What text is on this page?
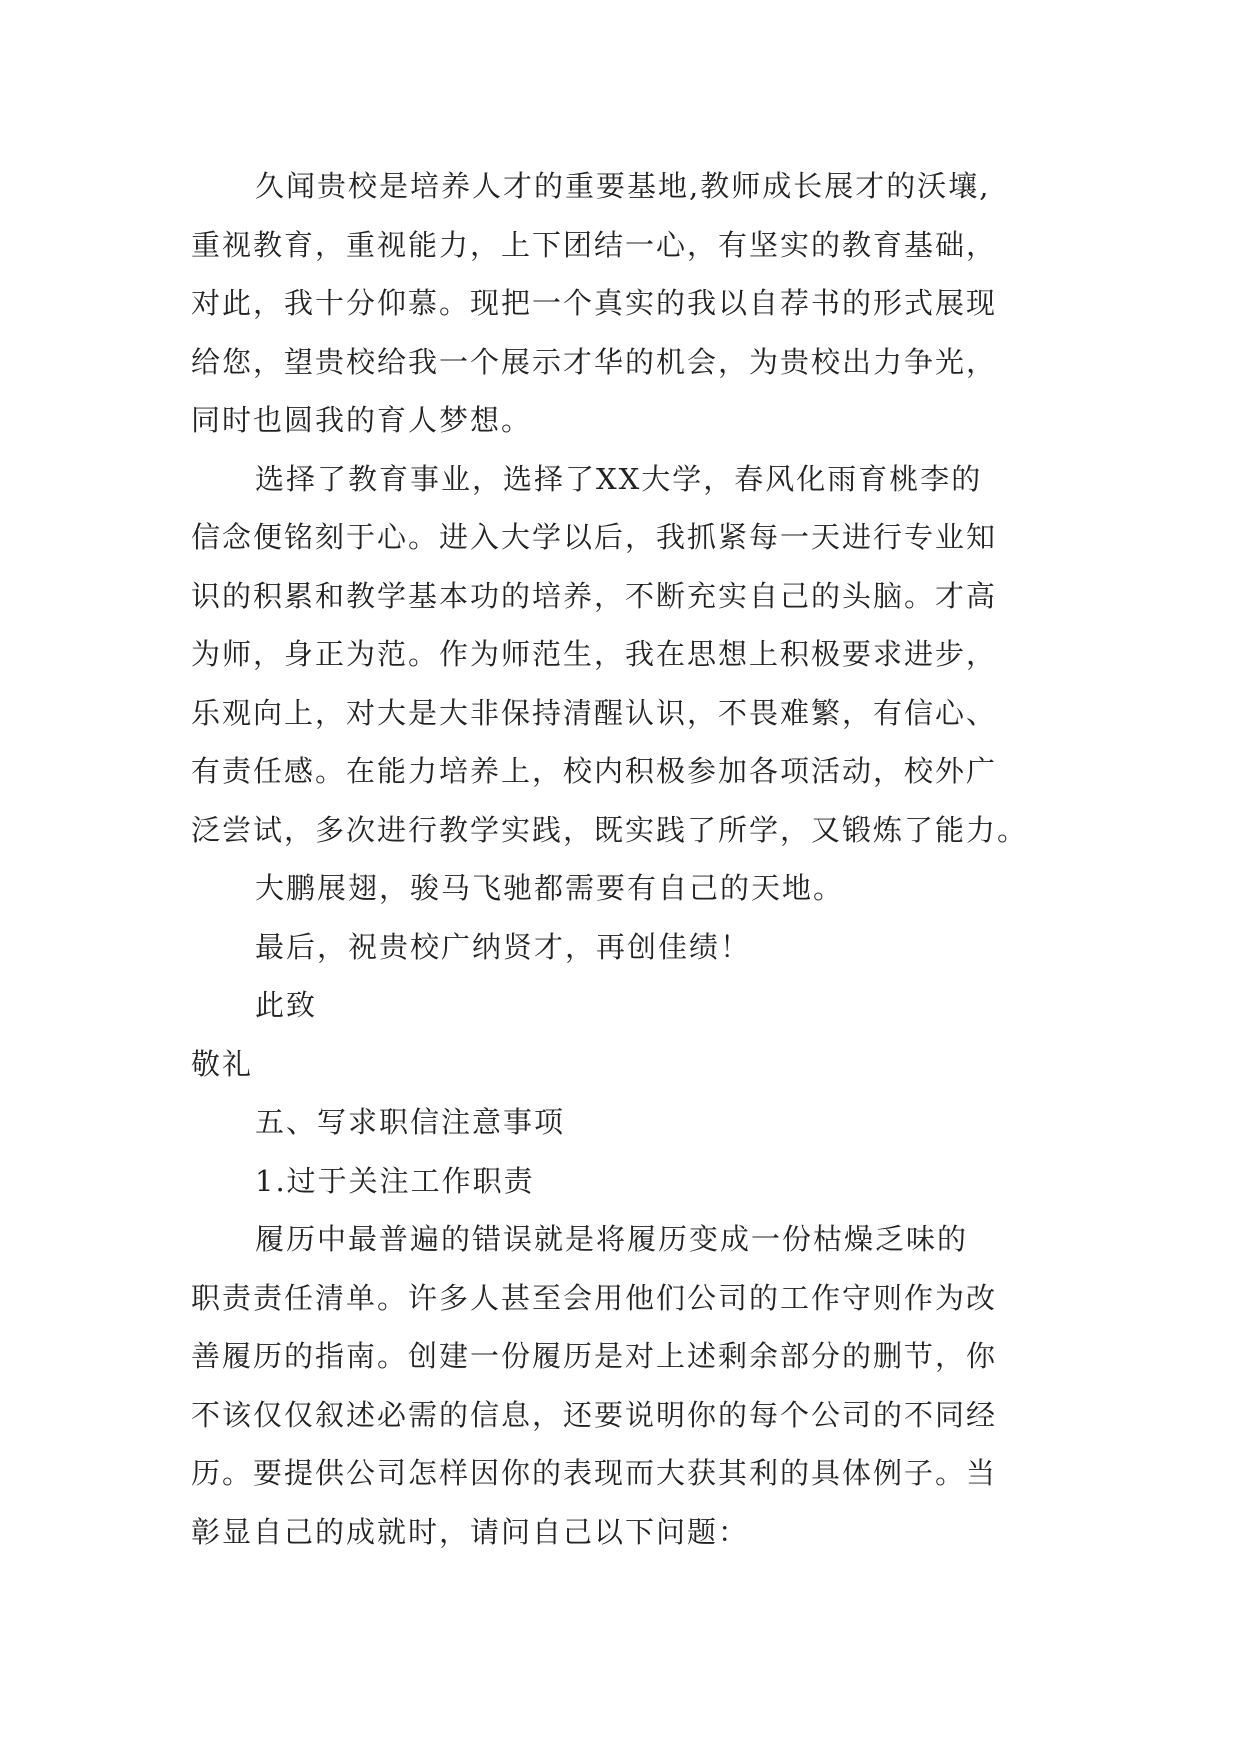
久闻贵校是培养人才的重要基地,教师成长展才的沃壤,
重视教育，重视能力，上下团结一心，有坚实的教育基础，
对此，我十分仰慕。现把一个真实的我以自荐书的形式展现
给您，望贵校给我一个展示才华的机会，为贵校出力争光，
同时也圆我的育人梦想。
选择了教育事业，选择了XX大学，春风化雨育桃李的
信念便铭刻于心。进入大学以后，我抓紧每一天进行专业知
识的积累和教学基本功的培养，不断充实自己的头脑。才高
为师，身正为范。作为师范生，我在思想上积极要求进步，
乐观向上，对大是大非保持清醒认识，不畏难繁，有信心、
有责任感。在能力培养上，校内积极参加各项活动，校外广
泛尝试，多次进行教学实践，既实践了所学，又锻炼了能力。
大鹏展翅，骏马飞驰都需要有自己的天地。
最后，祝贵校广纳贤才，再创佳绩！
此致
敬礼
五、写求职信注意事项
1.过于关注工作职责
履历中最普遍的错误就是将履历变成一份枯燥乏味的
职责责任清单。许多人甚至会用他们公司的工作守则作为改
善履历的指南。创建一份履历是对上述剩余部分的删节，你
不该仅仅叙述必需的信息，还要说明你的每个公司的不同经
历。要提供公司怎样因你的表现而大获其利的具体例子。当
彰显自己的成就时，请问自己以下问题：
